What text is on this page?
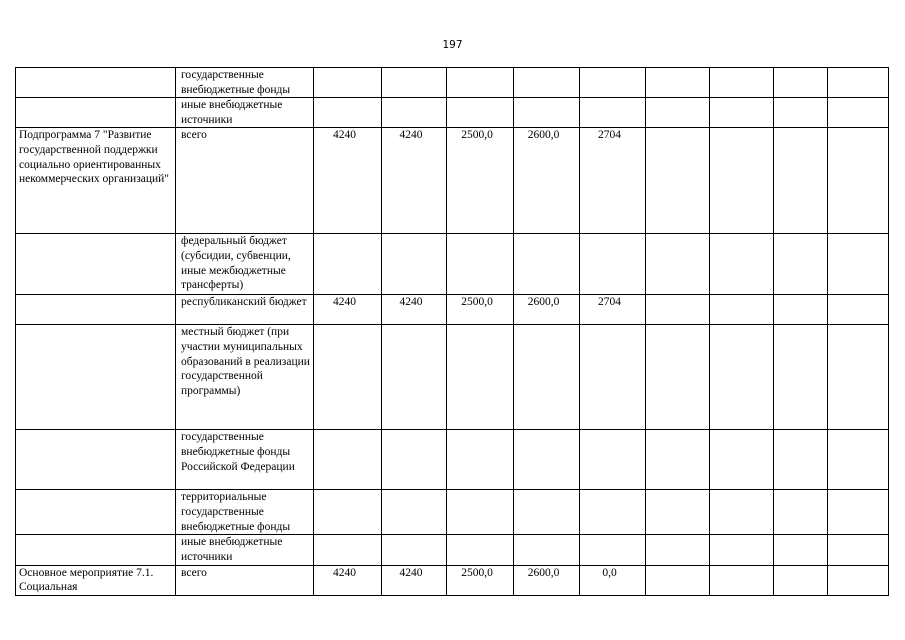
197
	государственные внебюджетные фонды									
	иные внебюджетные источники									
Подпрограмма 7 "Развитие государственной поддержки социально ориентированных некоммерческих организаций"	всего	4240	4240	2500,0	2600,0	2704				
	федеральный бюджет (субсидии, субвенции, иные межбюджетные трансферты)									
	республиканский бюджет	4240	4240	2500,0	2600,0	2704				
	местный бюджет (при участии муниципальных образований в реализации государственной программы)									
	государственные внебюджетные фонды Российской Федерации									
	территориальные государственные внебюджетные фонды									
	иные внебюджетные источники									
Основное мероприятие 7.1. Социальная	всего	4240	4240	2500,0	2600,0	0,0				
